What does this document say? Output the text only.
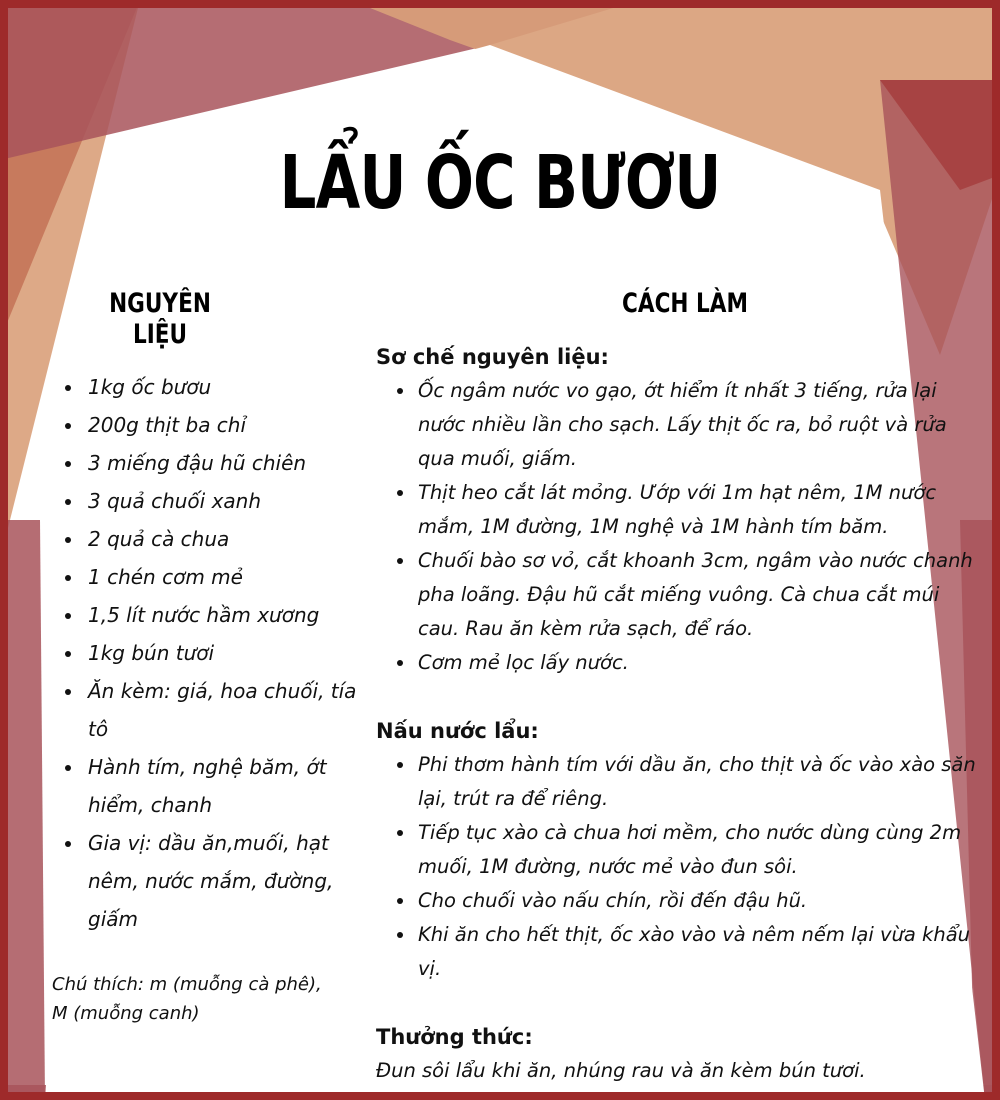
LẨU ỐC BƯƠU
NGUYÊN LIỆU
CÁCH LÀM
• 1kg ốc bươu
• 200g thịt ba chỉ
• 3 miếng đậu hũ chiên
• 3 quả chuối xanh
• 2 quả cà chua
• 1 chén cơm mẻ
• 1,5 lít nước hầm xương
• 1kg bún tươi
• Ăn kèm: giá, hoa chuối, tía tô
• Hành tím, nghệ băm, ớt hiểm, chanh
• Gia vị: dầu ăn,muối, hạt nêm, nước mắm, đường, giấm

Chú thích: m (muỗng cà phê), M (muỗng canh)

Sơ chế nguyên liệu:

• Ốc ngâm nước vo gạo, ớt hiểm ít nhất 3 tiếng, rửa lại nước nhiều lần cho sạch. Lấy thịt ốc ra, bỏ ruột và rửa qua muối, giấm.
• Thịt heo cắt lát mỏng. Ướp với 1m hạt nêm, 1M nước mắm, 1M đường, 1M nghệ và 1M hành tím băm.
• Chuối bào sơ vỏ, cắt khoanh 3cm, ngâm vào nước chanh pha loãng. Đậu hũ cắt miếng vuông. Cà chua cắt múi cau. Rau ăn kèm rửa sạch, để ráo.
• Cơm mẻ lọc lấy nước.

Nấu nước lẩu:

• Phi thơm hành tím với dầu ăn, cho thịt và ốc vào xào săn lại, trút ra để riêng.
• Tiếp tục xào cà chua hơi mềm, cho nước dùng cùng 2m muối, 1M đường, nước mẻ vào đun sôi.
• Cho chuối vào nấu chín, rồi đến đậu hũ.
• Khi ăn cho hết thịt, ốc xào vào và nêm nếm lại vừa khẩu vị.

Thưởng thức:

Đun sôi lẩu khi ăn, nhúng rau và ăn kèm bún tươi.
